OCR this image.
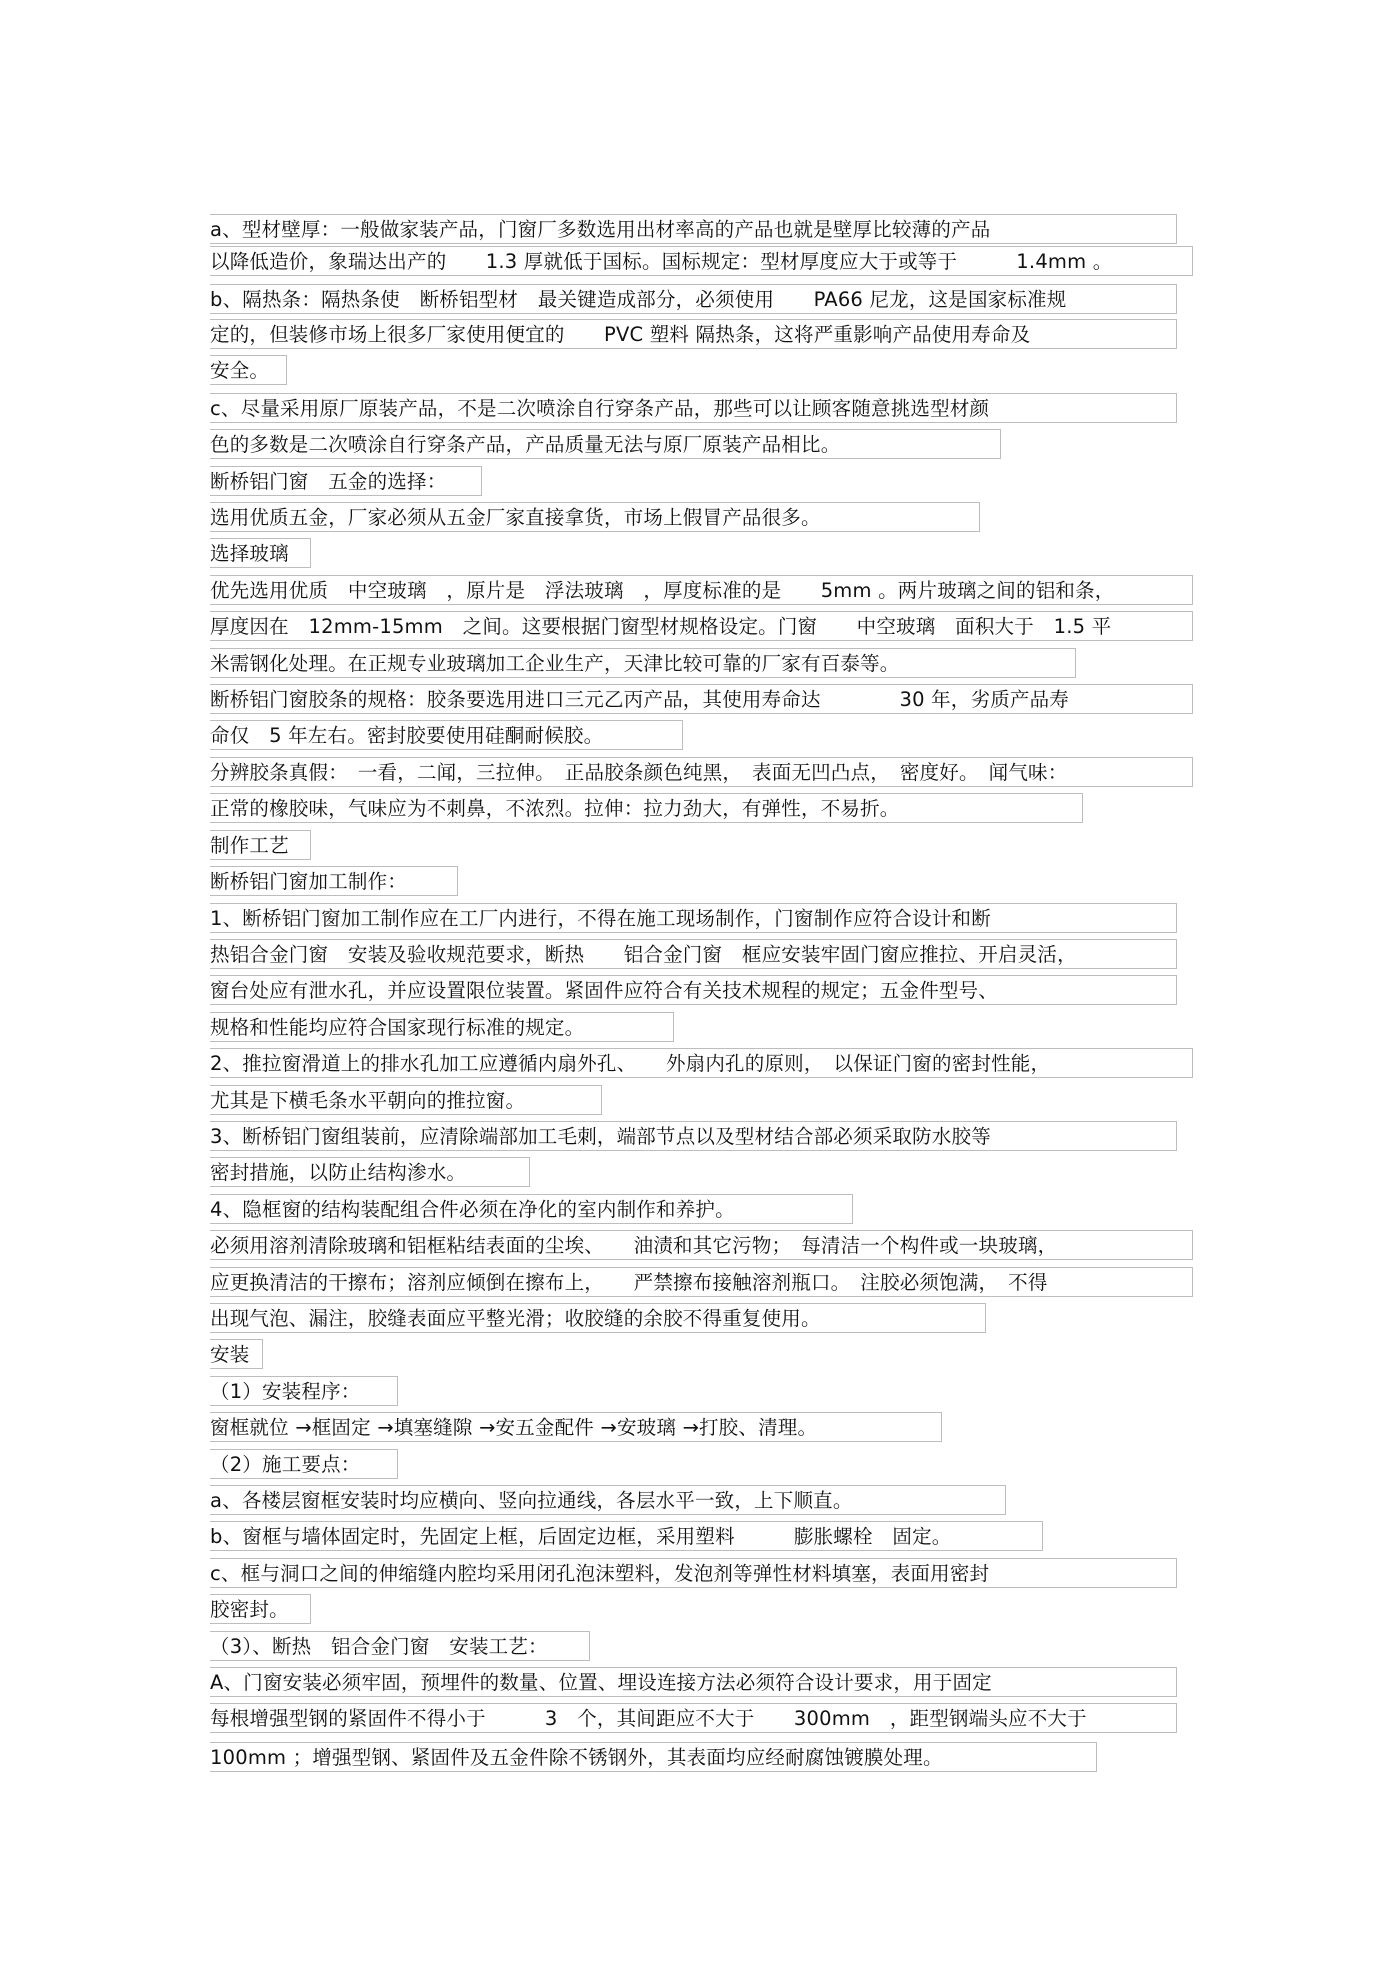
a、型材壁厚：一般做家装产品，门窗厂多数选用出材率高的产品也就是壁厚比较薄的产品
以降低造价，象瑞达出产的　　1.3 厚就低于国标。国标规定：型材厚度应大于或等于　　　1.4mm 。
b、隔热条：隔热条使　断桥铝型材　最关键造成部分，必须使用　　PA66 尼龙，这是国家标准规
定的，但装修市场上很多厂家使用便宜的　　PVC 塑料 隔热条，这将严重影响产品使用寿命及
安全。
c、尽量采用原厂原装产品，不是二次喷涂自行穿条产品，那些可以让顾客随意挑选型材颜
色的多数是二次喷涂自行穿条产品，产品质量无法与原厂原装产品相比。
断桥铝门窗　五金的选择：
选用优质五金，厂家必须从五金厂家直接拿货，市场上假冒产品很多。
选择玻璃
优先选用优质　中空玻璃　，原片是　浮法玻璃　，厚度标准的是　　5mm 。两片玻璃之间的铝和条，
厚度因在　12mm-15mm　之间。这要根据门窗型材规格设定。门窗　　中空玻璃　面积大于　1.5 平
米需钢化处理。在正规专业玻璃加工企业生产，天津比较可靠的厂家有百泰等。
断桥铝门窗胶条的规格：胶条要选用进口三元乙丙产品，其使用寿命达　　　　30 年，劣质产品寿
命仅　5 年左右。密封胶要使用硅酮耐候胶。
分辨胶条真假：　一看，二闻，三拉伸。　正品胶条颜色纯黑，　表面无凹凸点，　密度好。　闻气味：
正常的橡胶味，气味应为不刺鼻，不浓烈。拉伸：拉力劲大，有弹性，不易折。
制作工艺
断桥铝门窗加工制作：
1、断桥铝门窗加工制作应在工厂内进行，不得在施工现场制作，门窗制作应符合设计和断
热铝合金门窗　安装及验收规范要求，断热　　铝合金门窗　框应安装牢固门窗应推拉、开启灵活，
窗台处应有泄水孔，并应设置限位装置。紧固件应符合有关技术规程的规定；五金件型号、
规格和性能均应符合国家现行标准的规定。
2、推拉窗滑道上的排水孔加工应遵循内扇外孔、　　外扇内孔的原则，　以保证门窗的密封性能，
尤其是下横毛条水平朝向的推拉窗。
3、断桥铝门窗组装前，应清除端部加工毛刺，端部节点以及型材结合部必须采取防水胶等
密封措施，以防止结构渗水。
4、隐框窗的结构装配组合件必须在净化的室内制作和养护。
必须用溶剂清除玻璃和铝框粘结表面的尘埃、　　油渍和其它污物；　每清洁一个构件或一块玻璃，
应更换清洁的干擦布；溶剂应倾倒在擦布上，　　严禁擦布接触溶剂瓶口。　注胶必须饱满，　不得
出现气泡、漏注，胶缝表面应平整光滑；收胶缝的余胶不得重复使用。
安装
（1）安装程序：
窗框就位 →框固定 →填塞缝隙 →安五金配件 →安玻璃 →打胶、清理。
（2）施工要点：
a、各楼层窗框安装时均应横向、竖向拉通线，各层水平一致，上下顺直。
b、窗框与墙体固定时，先固定上框，后固定边框，采用塑料　　　膨胀螺栓　固定。
c、框与洞口之间的伸缩缝内腔均采用闭孔泡沫塑料，发泡剂等弹性材料填塞，表面用密封
胶密封。
（3）、断热　铝合金门窗　安装工艺：
A、门窗安装必须牢固，预埋件的数量、位置、埋设连接方法必须符合设计要求，用于固定
每根增强型钢的紧固件不得小于　　　3　个，其间距应不大于　　300mm　，距型钢端头应不大于
100mm ；增强型钢、紧固件及五金件除不锈钢外，其表面均应经耐腐蚀镀膜处理。
